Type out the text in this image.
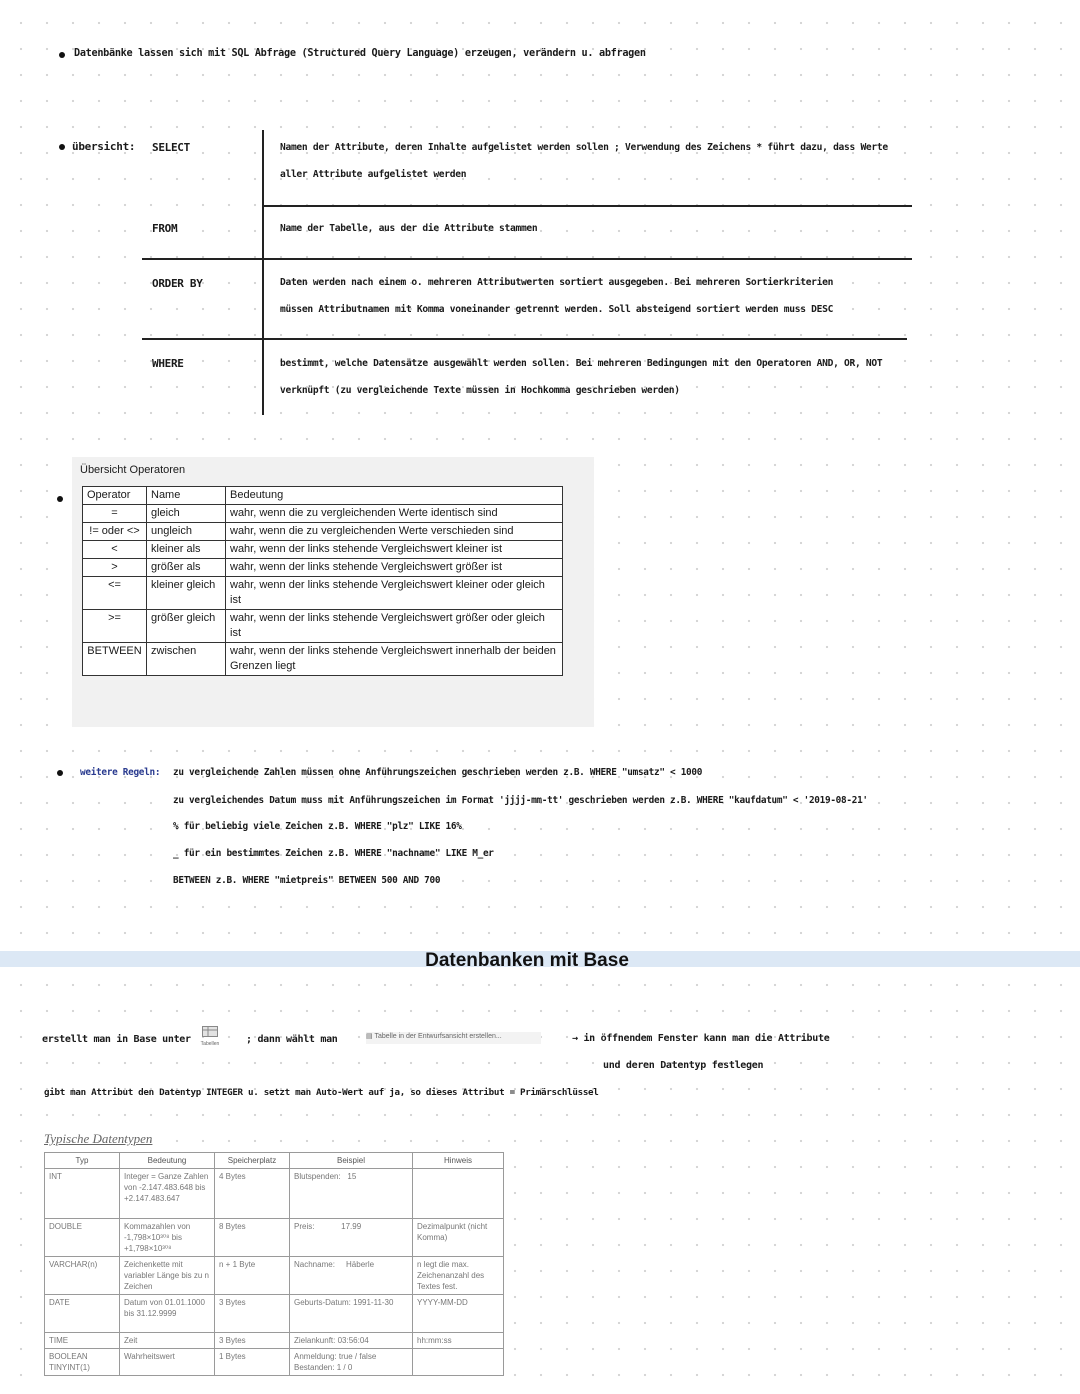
Datenbänke lassen sich mit SQL Abfrage (Structured Query Language) erzeugen, verändern u. abfragen
übersicht: SELECT	Namen der Attribute, deren Inhalte aufgelistet werden sollen ; Verwendung des Zeichens * führt dazu, dass Werte
aller Attribute aufgelistet werden
FROM	Name der Tabelle, aus der die Attribute stammen
ORDER BY	Daten werden nach einem o. mehreren Attributwerten sortiert ausgegeben. Bei mehreren Sortierkriterien
müssen Attributnamen mit Komma voneinander getrennt werden. Soll absteigend sortiert werden muss DESC
WHERE	bestimmt, welche Datensätze ausgewählt werden sollen. Bei mehreren Bedingungen mit den Operatoren AND, OR, NOT
verknüpft (zu vergleichende Texte müssen in Hochkomma geschrieben werden)
Übersicht Operatoren
Operator	Name	Bedeutung
=	gleich	wahr, wenn die zu vergleichenden Werte identisch sind
!= oder <>	ungleich	wahr, wenn die zu vergleichenden Werte verschieden sind
<	kleiner als	wahr, wenn der links stehende Vergleichswert kleiner ist
>	größer als	wahr, wenn der links stehende Vergleichswert größer ist
<=	kleiner gleich	wahr, wenn der links stehende Vergleichswert kleiner oder gleich ist
>=	größer gleich	wahr, wenn der links stehende Vergleichswert größer oder gleich ist
BETWEEN	zwischen	wahr, wenn der links stehende Vergleichswert innerhalb der beiden Grenzen liegt
weitere Regeln: zu vergleichende Zahlen müssen ohne Anführungszeichen geschrieben werden z.B. WHERE "umsatz" < 1000
zu vergleichendes Datum muss mit Anführungszeichen im Format 'jjjj-mm-tt' geschrieben werden z.B. WHERE "kaufdatum" < '2019-08-21'
% für beliebig viele Zeichen z.B. WHERE "plz" LIKE 16%
_ für ein bestimmtes Zeichen z.B. WHERE "nachname" LIKE M_er
BETWEEN z.B. WHERE "mietpreis" BETWEEN 500 AND 700
Datenbanken mit Base
erstellt man in Base unter	Tabellen	; dann wählt man	▤ Tabelle in der Entwurfsansicht erstellen...	→ in öffnendem Fenster kann man die Attribute
und deren Datentyp festlegen
gibt man Attribut den Datentyp INTEGER u. setzt man Auto-Wert auf ja, so dieses Attribut = Primärschlüssel
Typische Datentypen
Typ	Bedeutung	Speicherplatz	Beispiel	Hinweis
INT	Integer = Ganze Zahlen von -2.147.483.648 bis +2.147.483.647	4 Bytes	Blutspenden:   15	
DOUBLE	Kommazahlen von -1,798×10³⁰⁸ bis +1,798×10³⁰⁸	8 Bytes	Preis:            17.99	Dezimalpunkt (nicht Komma)
VARCHAR(n)	Zeichenkette mit variabler Länge bis zu n Zeichen	n + 1 Byte	Nachname:     Häberle	n legt die max. Zeichenanzahl des Textes fest.
DATE	Datum von 01.01.1000 bis 31.12.9999	3 Bytes	Geburts-Datum: 1991-11-30	YYYY-MM-DD
TIME	Zeit	3 Bytes	Zielankunft: 03:56:04	hh:mm:ss
BOOLEAN TINYINT(1)	Wahrheitswert	1 Bytes	Anmeldung: true / false Bestanden: 1 / 0	
